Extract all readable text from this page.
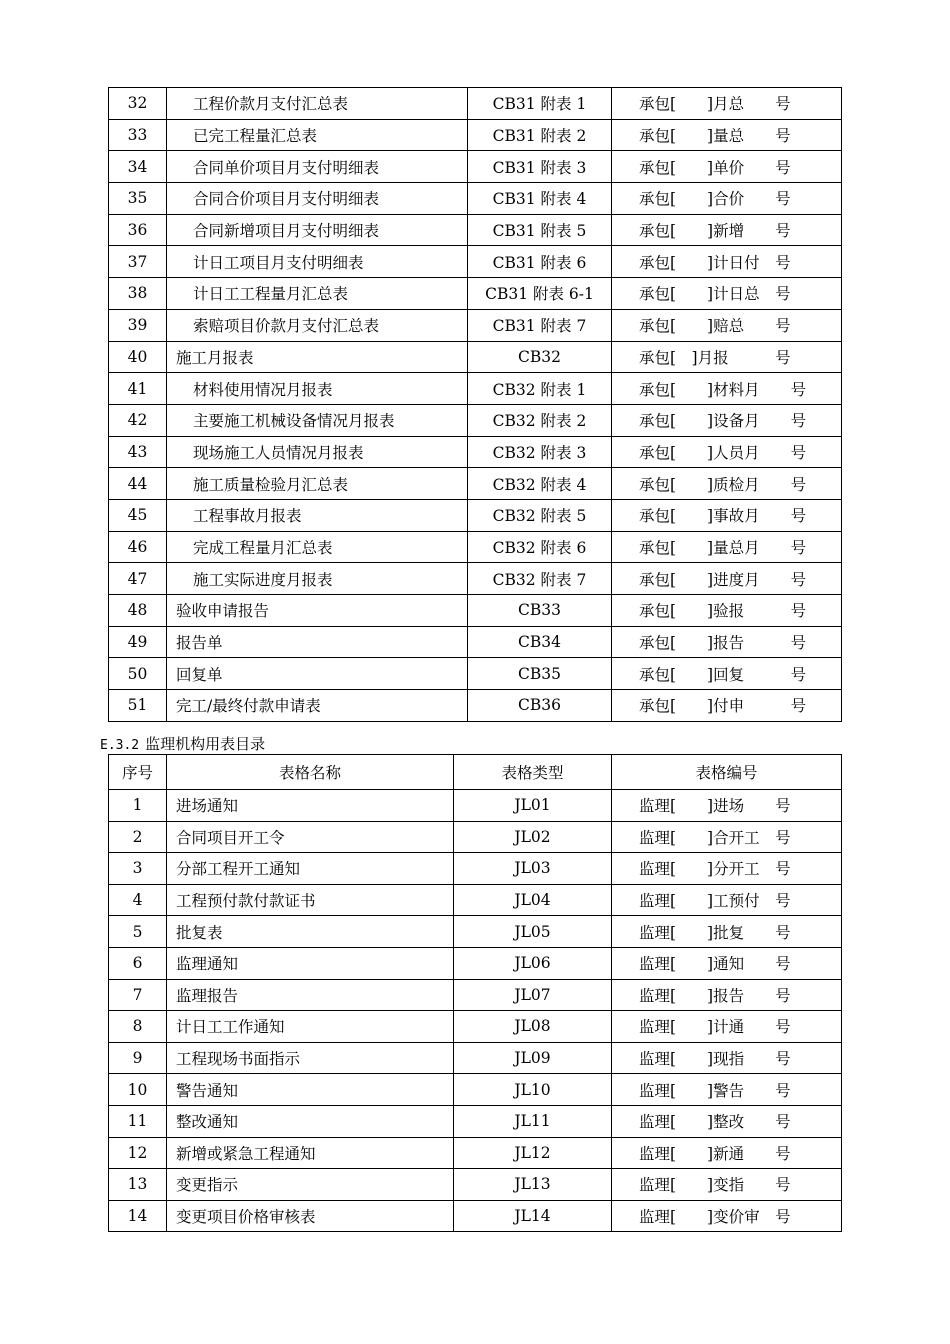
32	工程价款月支付汇总表	CB31 附表 1	承包[　　]月总　　号
33	已完工程量汇总表	CB31 附表 2	承包[　　]量总　　号
34	合同单价项目月支付明细表	CB31 附表 3	承包[　　]单价　　号
35	合同合价项目月支付明细表	CB31 附表 4	承包[　　]合价　　号
36	合同新增项目月支付明细表	CB31 附表 5	承包[　　]新增　　号
37	计日工项目月支付明细表	CB31 附表 6	承包[　　]计日付　号
38	计日工工程量月汇总表	CB31 附表 6-1	承包[　　]计日总　号
39	索赔项目价款月支付汇总表	CB31 附表 7	承包[　　]赔总　　号
40	施工月报表	CB32	承包[　]月报　　　号
41	材料使用情况月报表	CB32 附表 1	承包[　　]材料月　　号
42	主要施工机械设备情况月报表	CB32 附表 2	承包[　　]设备月　　号
43	现场施工人员情况月报表	CB32 附表 3	承包[　　]人员月　　号
44	施工质量检验月汇总表	CB32 附表 4	承包[　　]质检月　　号
45	工程事故月报表	CB32 附表 5	承包[　　]事故月　　号
46	完成工程量月汇总表	CB32 附表 6	承包[　　]量总月　　号
47	施工实际进度月报表	CB32 附表 7	承包[　　]进度月　　号
48	验收申请报告	CB33	承包[　　]验报　　　号
49	报告单	CB34	承包[　　]报告　　　号
50	回复单	CB35	承包[　　]回复　　　号
51	完工/最终付款申请表	CB36	承包[　　]付申　　　号
E.3.2 监理机构用表目录
序号	表格名称	表格类型	表格编号
1	进场通知	JL01	监理[　　]进场　　号
2	合同项目开工令	JL02	监理[　　]合开工　号
3	分部工程开工通知	JL03	监理[　　]分开工　号
4	工程预付款付款证书	JL04	监理[　　]工预付　号
5	批复表	JL05	监理[　　]批复　　号
6	监理通知	JL06	监理[　　]通知　　号
7	监理报告	JL07	监理[　　]报告　　号
8	计日工工作通知	JL08	监理[　　]计通　　号
9	工程现场书面指示	JL09	监理[　　]现指　　号
10	警告通知	JL10	监理[　　]警告　　号
11	整改通知	JL11	监理[　　]整改　　号
12	新增或紧急工程通知	JL12	监理[　　]新通　　号
13	变更指示	JL13	监理[　　]变指　　号
14	变更项目价格审核表	JL14	监理[　　]变价审　号
